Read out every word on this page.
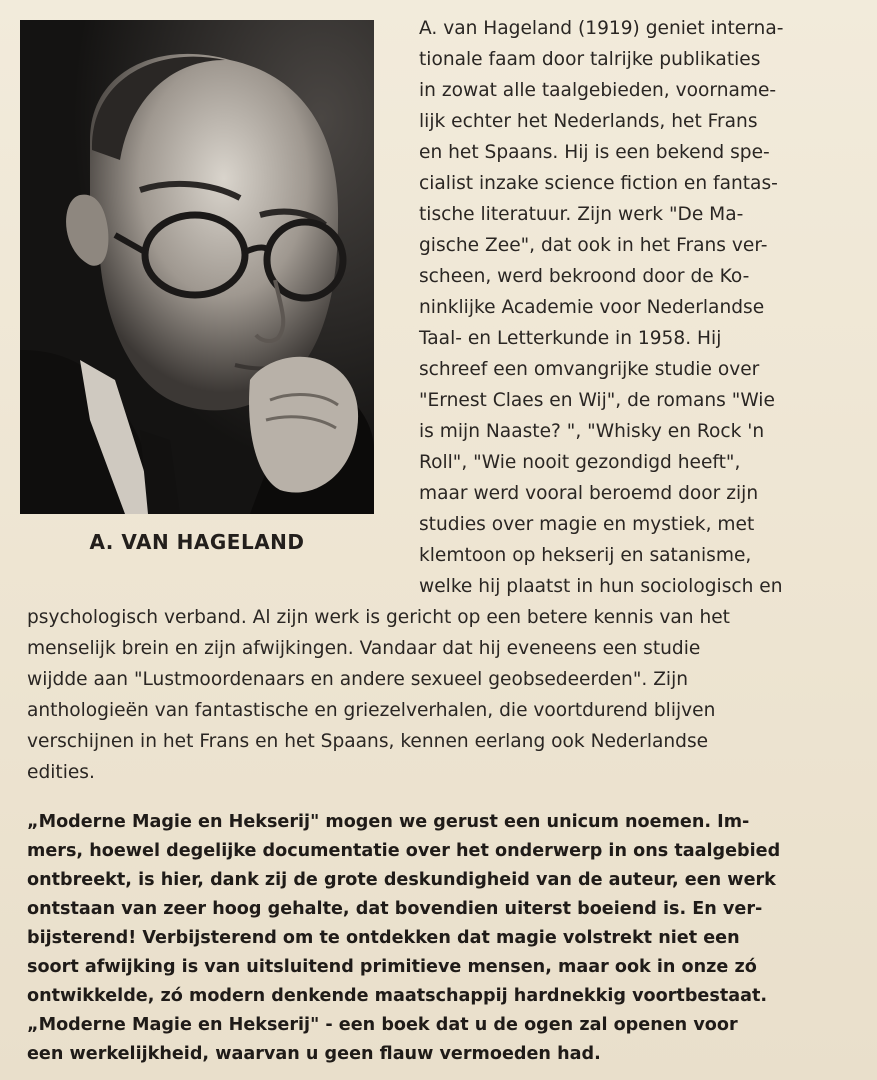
A. VAN HAGELAND
A. van Hageland (1919) geniet interna-
tionale faam door talrijke publikaties
in zowat alle taalgebieden, voorname-
lijk echter het Nederlands, het Frans
en het Spaans. Hij is een bekend spe-
cialist inzake science fiction en fantas-
tische literatuur. Zijn werk "De Ma-
gische Zee", dat ook in het Frans ver-
scheen, werd bekroond door de Ko-
ninklijke Academie voor Nederlandse
Taal- en Letterkunde in 1958. Hij
schreef een omvangrijke studie over
"Ernest Claes en Wij", de romans "Wie
is mijn Naaste? ", "Whisky en Rock 'n
Roll", "Wie nooit gezondigd heeft",
maar werd vooral beroemd door zijn
studies over magie en mystiek, met
klemtoon op hekserij en satanisme,
welke hij plaatst in hun sociologisch en
psychologisch verband. Al zijn werk is gericht op een betere kennis van het
menselijk brein en zijn afwijkingen. Vandaar dat hij eveneens een studie
wijdde aan "Lustmoordenaars en andere sexueel geobsedeerden". Zijn
anthologieën van fantastische en griezelverhalen, die voortdurend blijven
verschijnen in het Frans en het Spaans, kennen eerlang ook Nederlandse
edities.
„Moderne Magie en Hekserij" mogen we gerust een unicum noemen. Im-
mers, hoewel degelijke documentatie over het onderwerp in ons taalgebied
ontbreekt, is hier, dank zij de grote deskundigheid van de auteur, een werk
ontstaan van zeer hoog gehalte, dat bovendien uiterst boeiend is. En ver-
bijsterend! Verbijsterend om te ontdekken dat magie volstrekt niet een
soort afwijking is van uitsluitend primitieve mensen, maar ook in onze zó
ontwikkelde, zó modern denkende maatschappij hardnekkig voortbestaat.
„Moderne Magie en Hekserij" - een boek dat u de ogen zal openen voor
een werkelijkheid, waarvan u geen flauw vermoeden had.
